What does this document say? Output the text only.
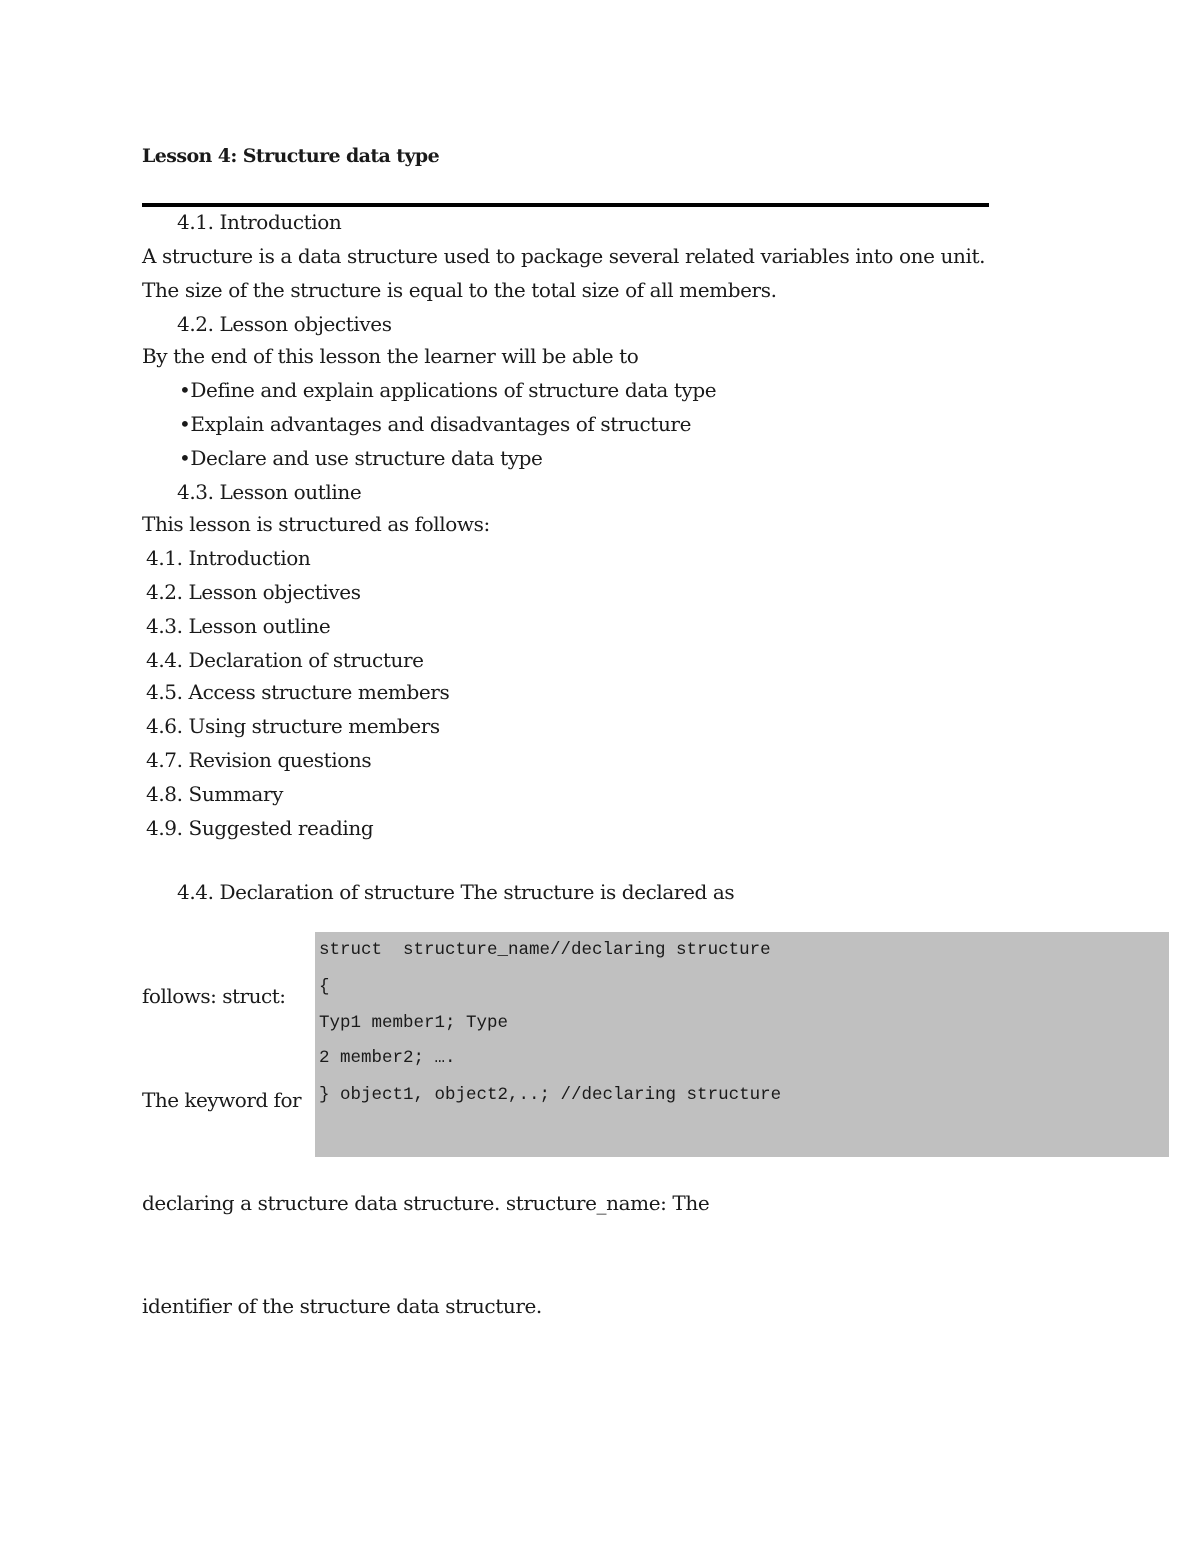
Lesson 4: Structure data type
4.1. Introduction
A structure is a data structure used to package several related variables into one unit.
The size of the structure is equal to the total size of all members.
4.2. Lesson objectives
By the end of this lesson the learner will be able to
•Define and explain applications of structure data type
•Explain advantages and disadvantages of structure
•Declare and use structure data type
4.3. Lesson outline
This lesson is structured as follows:
4.1. Introduction
4.2. Lesson objectives
4.3. Lesson outline
4.4. Declaration of structure
4.5. Access structure members
4.6. Using structure members
4.7. Revision questions
4.8. Summary
4.9. Suggested reading
4.4. Declaration of structure The structure is declared as
struct  structure_name//declaring structure
{
Typ1 member1; Type
2 member2; ….
} object1, object2,..; //declaring structure
follows: struct:
The keyword for
declaring a structure data structure. structure_name: The
identifier of the structure data structure.
